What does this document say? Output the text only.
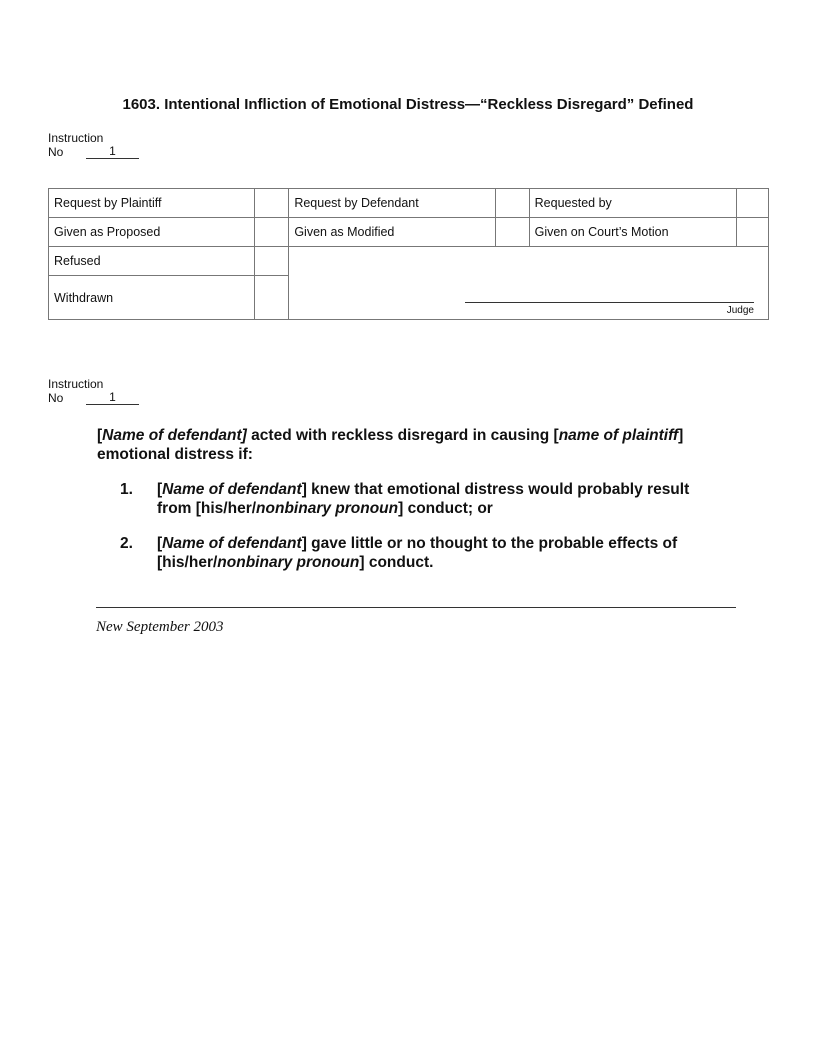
1603. Intentional Infliction of Emotional Distress—“Reckless Disregard” Defined
Instruction
No	1
Request by Plaintiff		Request by Defendant		Requested by	
Given as Proposed		Given as Modified		Given on Court’s Motion	
Refused		Judge			

Withdrawn					
Instruction
No	1

[Name of defendant] acted with reckless disregard in causing [name of plaintiff] emotional distress if:

1.	[Name of defendant] knew that emotional distress would probably result from [his/her/nonbinary pronoun] conduct; or
2.	[Name of defendant] gave little or no thought to the probable effects of [his/her/nonbinary pronoun] conduct.
New September 2003
